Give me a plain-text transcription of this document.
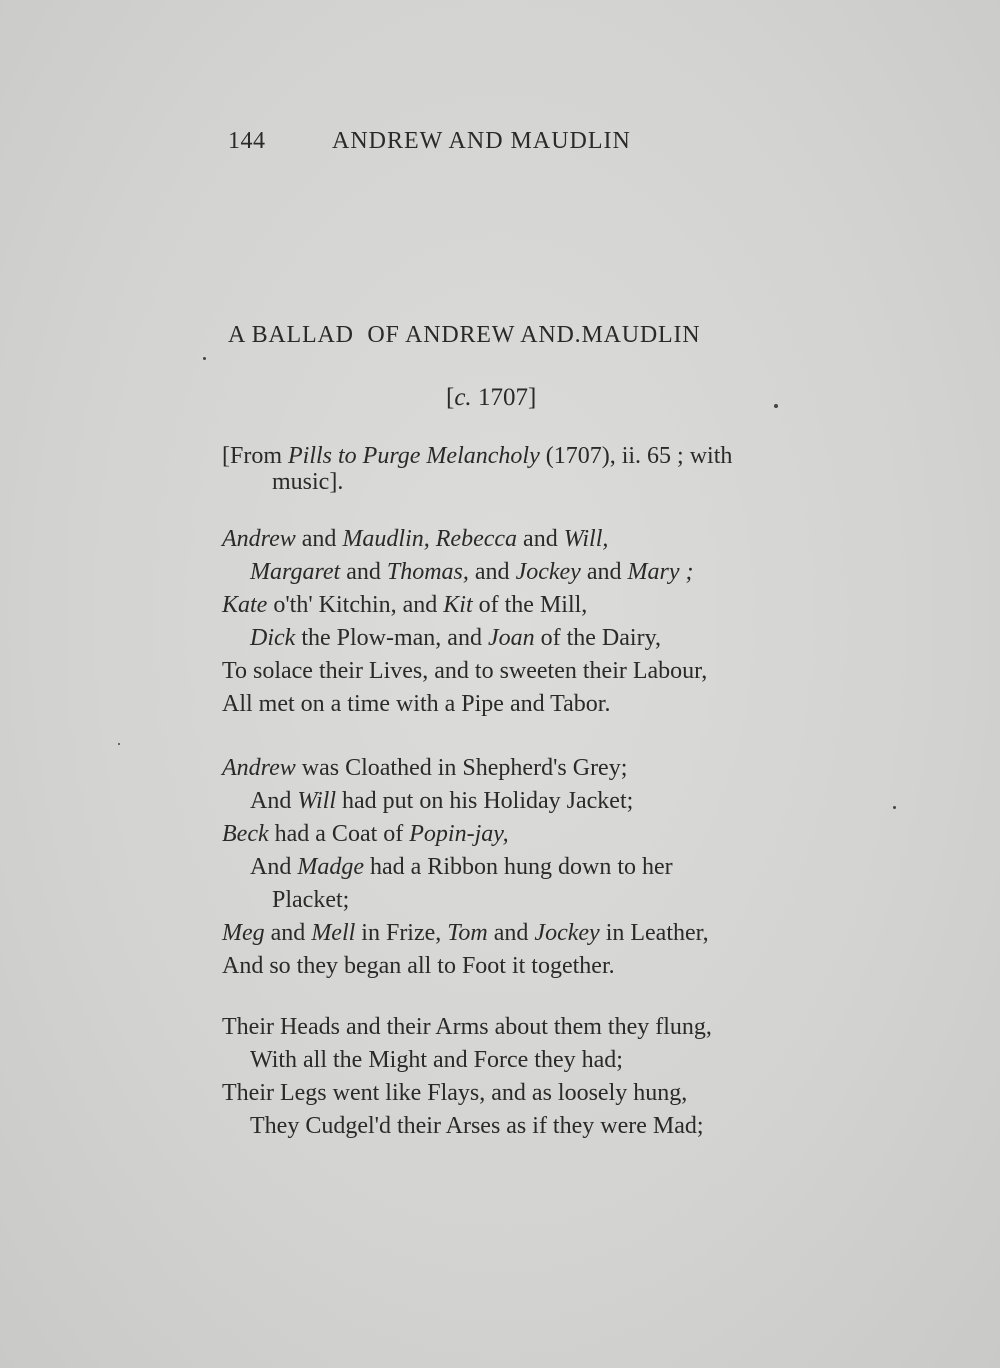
144	ANDREW AND MAUDLIN
A BALLAD  OF ANDREW AND.MAUDLIN
[c. 1707]
[From Pills to Purge Melancholy (1707), ii. 65 ; with
music].
Andrew and Maudlin, Rebecca and Will,
Margaret and Thomas, and Jockey and Mary ;
Kate o'th' Kitchin, and Kit of the Mill,
Dick the Plow-man, and Joan of the Dairy,
To solace their Lives, and to sweeten their Labour,
All met on a time with a Pipe and Tabor.
Andrew was Cloathed in Shepherd's Grey;
And Will had put on his Holiday Jacket;
Beck had a Coat of Popin-jay,
And Madge had a Ribbon hung down to her
Placket;
Meg and Mell in Frize, Tom and Jockey in Leather,
And so they began all to Foot it together.
Their Heads and their Arms about them they flung,
With all the Might and Force they had;
Their Legs went like Flays, and as loosely hung,
They Cudgel'd their Arses as if they were Mad;
